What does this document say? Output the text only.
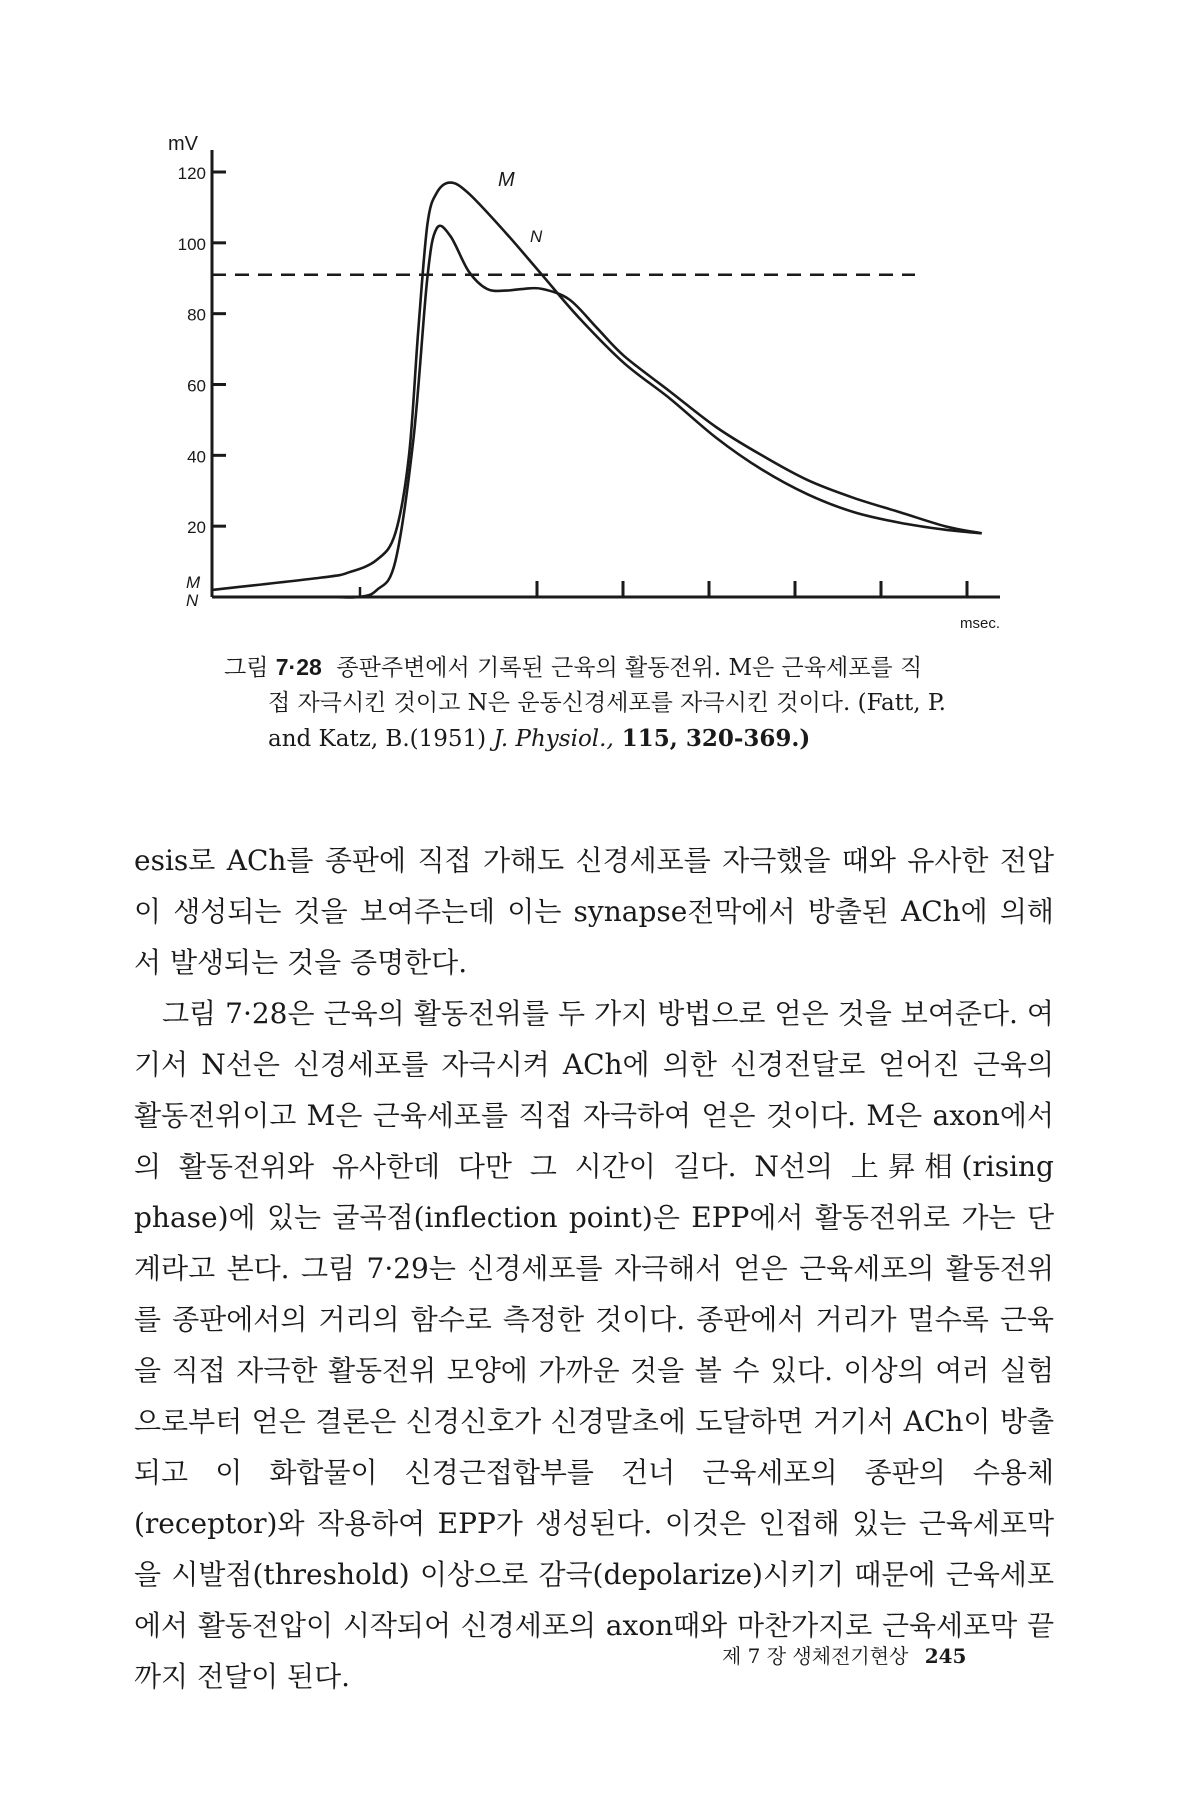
120
100
80
60
40
20
mV
msec.
M
N
M
N
그림 7·28 종판주변에서 기록된 근육의 활동전위. M은 근육세포를 직
접 자극시킨 것이고 N은 운동신경세포를 자극시킨 것이다. (Fatt, P.
and Katz, B.(1951) J. Physiol., 115, 320-369.)

esis로 ACh를 종판에 직접 가해도 신경세포를 자극했을 때와 유사한 전압이 생성되는 것을 보여주는데 이는 synapse전막에서 방출된 ACh에 의해서 발생되는 것을 증명한다.

그림 7·28은 근육의 활동전위를 두 가지 방법으로 얻은 것을 보여준다. 여기서 N선은 신경세포를 자극시켜 ACh에 의한 신경전달로 얻어진 근육의 활동전위이고 M은 근육세포를 직접 자극하여 얻은 것이다. M은 axon에서의 활동전위와 유사한데 다만 그 시간이 길다. N선의 上昇相(rising phase)에 있는 굴곡점(inflection point)은 EPP에서 활동전위로 가는 단계라고 본다. 그림 7·29는 신경세포를 자극해서 얻은 근육세포의 활동전위를 종판에서의 거리의 함수로 측정한 것이다. 종판에서 거리가 멀수록 근육을 직접 자극한 활동전위 모양에 가까운 것을 볼 수 있다. 이상의 여러 실험으로부터 얻은 결론은 신경신호가 신경말초에 도달하면 거기서 ACh이 방출되고 이 화합물이 신경근접합부를 건너 근육세포의 종판의 수용체(receptor)와 작용하여 EPP가 생성된다. 이것은 인접해 있는 근육세포막을 시발점(threshold) 이상으로 감극(depolarize)시키기 때문에 근육세포에서 활동전압이 시작되어 신경세포의 axon때와 마찬가지로 근육세포막 끝까지 전달이 된다.

제 7 장 생체전기현상 245
